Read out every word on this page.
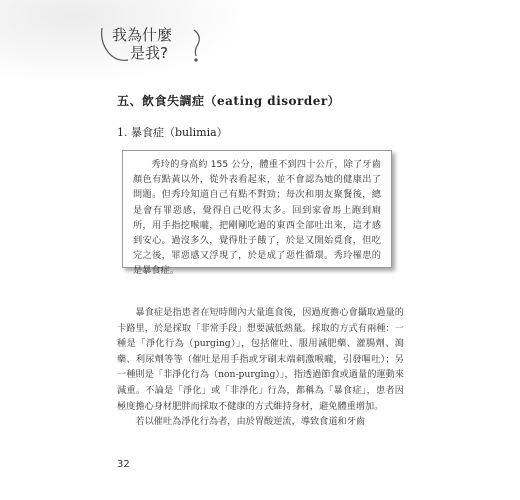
我為什麼
是我?
五、飲食失調症（eating disorder）
1. 暴食症（bulimia）

秀玲的身高約 155 公分，體重不到四十公斤，除了牙齒顏色有點黃以外，從外表看起來，並不會認為她的健康出了問題。但秀玲知道自己有點不對勁；每次和朋友聚餐後，總是會有罪惡感，覺得自己吃得太多。回到家會馬上跑到廁所，用手指挖喉嚨，把剛剛吃過的東西全部吐出來，這才感到安心。過沒多久，覺得肚子餓了，於是又開始覓食，但吃完之後，罪惡感又浮現了，於是成了惡性循環。秀玲罹患的是暴食症。

暴食症是指患者在短時間內大量進食後，因過度擔心會攝取過量的卡路里，於是採取「非常手段」想要減低熱量。採取的方式有兩種：一種是「淨化行為（purging）」，包括催吐、服用減肥藥、灌腸劑、瀉藥、利尿劑等等（催吐是用手指或牙刷末端刺激喉嚨，引發嘔吐）；另一種則是「非淨化行為（non-purging）」，指透過節食或過量的運動來減重。不論是「淨化」或「非淨化」行為，都稱為「暴食症」，患者因極度擔心身材肥胖而採取不健康的方式維持身材，避免體重增加。

若以催吐為淨化行為者，由於胃酸逆流，導致食道和牙齒

32
